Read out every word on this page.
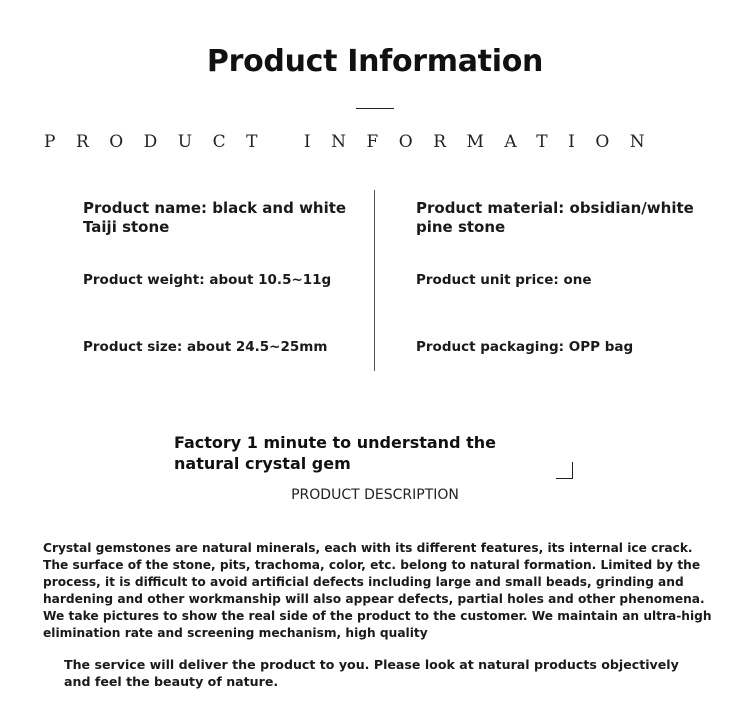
Product Information
PRODUCT INFORMATION
Product name: black and white Taiji stone
Product material: obsidian/white pine stone
Product weight: about 10.5~11g	Product unit price: one
Product size: about 24.5~25mm	Product packaging: OPP bag
Factory 1 minute to understand the natural crystal gem
PRODUCT DESCRIPTION
Crystal gemstones are natural minerals, each with its different features, its internal ice crack. The surface of the stone, pits, trachoma, color, etc. belong to natural formation. Limited by the process, it is difficult to avoid artificial defects including large and small beads, grinding and hardening and other workmanship will also appear defects, partial holes and other phenomena. We take pictures to show the real side of the product to the customer. We maintain an ultra-high elimination rate and screening mechanism, high quality
The service will deliver the product to you. Please look at natural products objectively and feel the beauty of nature.
